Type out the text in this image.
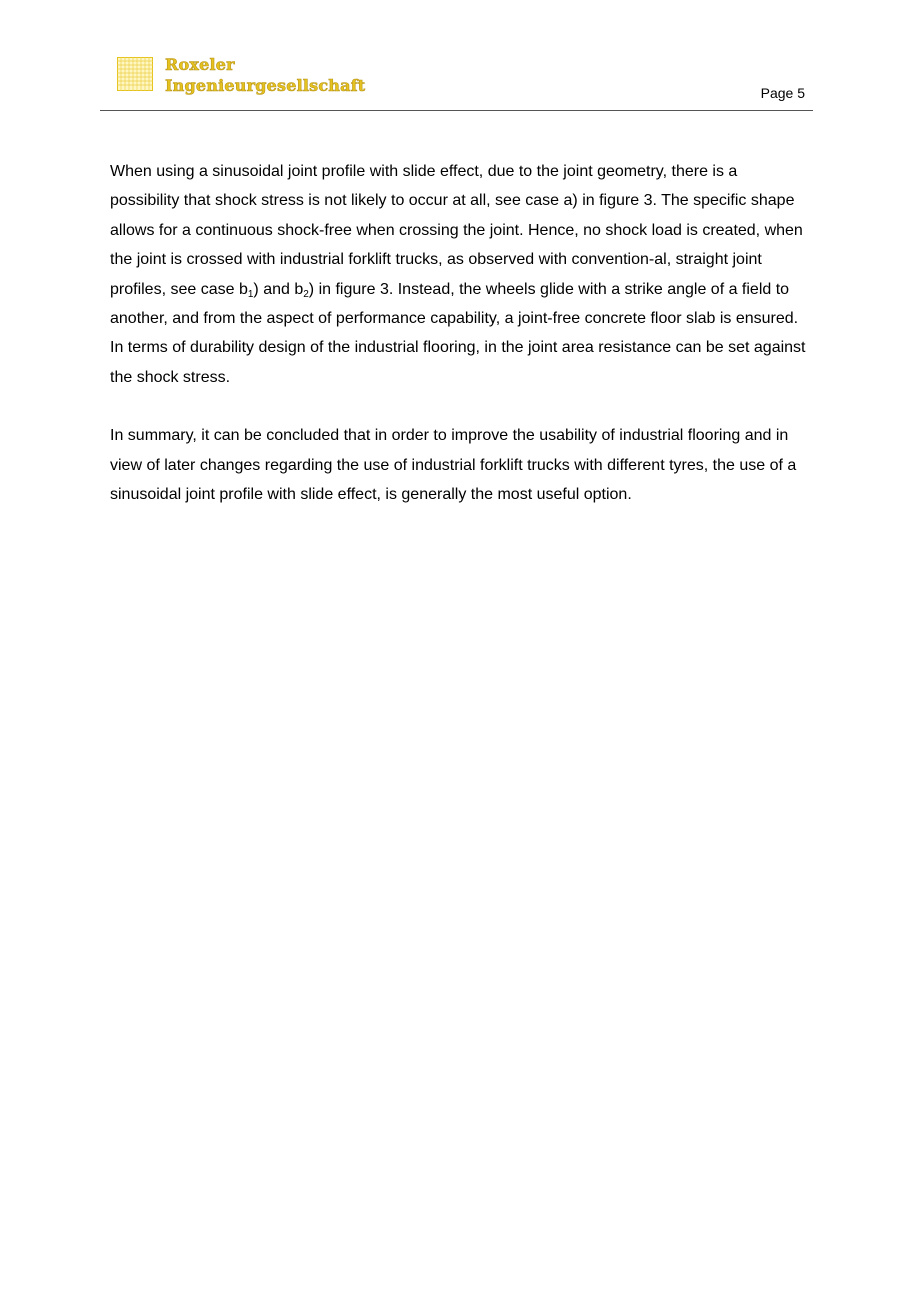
Roxeler
Ingenieurgesellschaft	Page 5

When using a sinusoidal joint profile with slide effect, due to the joint geometry, there is a possibility that shock stress is not likely to occur at all, see case a) in figure 3. The specific shape allows for a continuous shock-free when crossing the joint. Hence, no shock load is created, when the joint is crossed with industrial forklift trucks, as observed with convention-al, straight joint profiles, see case $b_1$) and $b_2$) in figure 3. Instead, the wheels glide with a strike angle of a field to another, and from the aspect of performance capability, a joint-free concrete floor slab is ensured. In terms of durability design of the industrial flooring, in the joint area resistance can be set against the shock stress.

In summary, it can be concluded that in order to improve the usability of industrial flooring and in view of later changes regarding the use of industrial forklift trucks with different tyres, the use of a sinusoidal joint profile with slide effect, is generally the most useful option.
